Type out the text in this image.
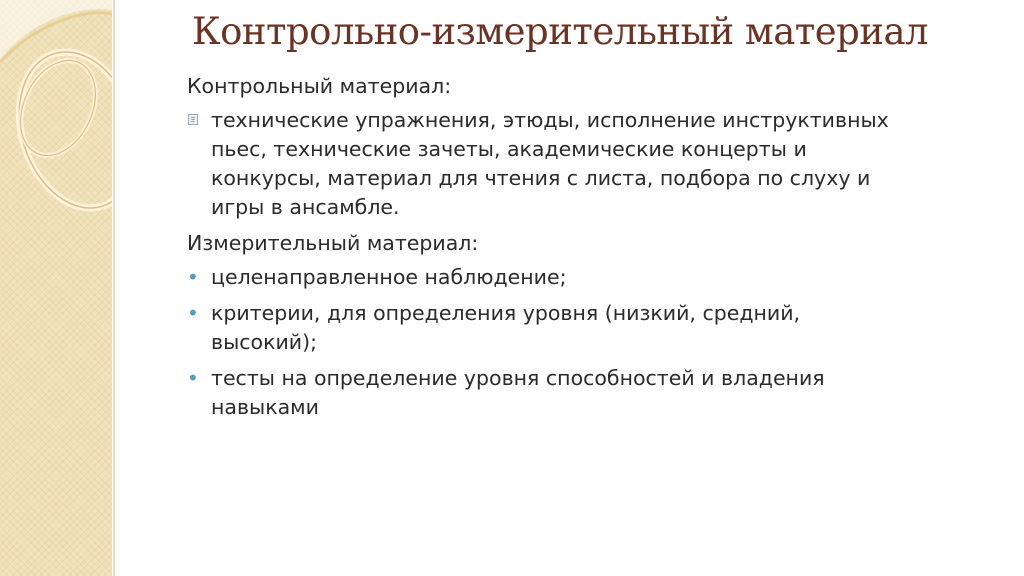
Контрольно-измерительный материал
Контрольный материал:
технические упражнения, этюды, исполнение инструктивных пьес, технические зачеты, академические концерты и конкурсы, материал для чтения с листа, подбора по слуху и игры в ансамбле.
Измерительный материал:
• целенаправленное наблюдение;
• критерии, для определения уровня (низкий, средний, высокий);
• тесты на определение уровня способностей и владения навыками
